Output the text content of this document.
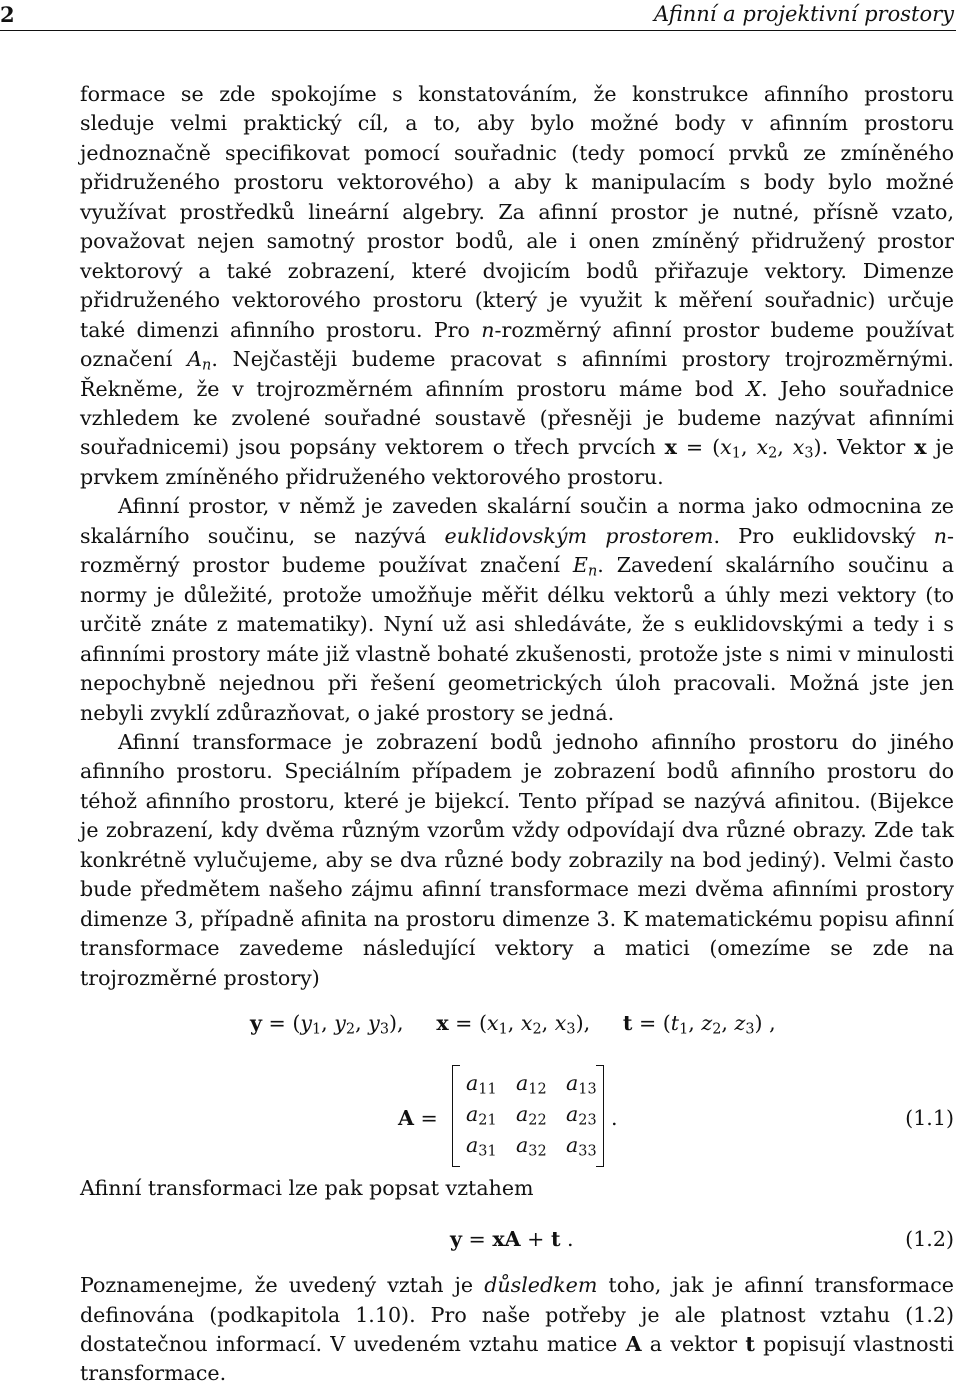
2	Afinní a projektivní prostory

formace se zde spokojíme s konstatováním, že konstrukce afinního prostoru sleduje velmi praktický cíl, a to, aby bylo možné body v afinním prostoru jednoznačně specifikovat pomocí souřadnic (tedy pomocí prvků ze zmíněného přidruženého prostoru vektorového) a aby k manipulacím s body bylo možné využívat prostředků lineární algebry. Za afinní prostor je nutné, přísně vzato, považovat nejen samotný prostor bodů, ale i onen zmíněný přidružený prostor vektorový a také zobrazení, které dvojicím bodů přiřazuje vektory. Dimenze přidruženého vektorového prostoru (který je využit k měření souřadnic) určuje také dimenzi afinního prostoru. Pro n-rozměrný afinní prostor budeme používat označení $A_n$. Nejčastěji budeme pracovat s afinními prostory trojrozměrnými. Řekněme, že v trojrozměrném afinním prostoru máme bod X. Jeho souřadnice vzhledem ke zvolené souřadné soustavě (přesněji je budeme nazývat afinními souřadnicemi) jsou popsány vektorem o třech prvcích $x = (x_1$, $x_2$, $x_3$). Vektor x je prvkem zmíněného přidruženého vektorového prostoru.

Afinní prostor, v němž je zaveden skalární součin a norma jako odmocnina ze skalárního součinu, se nazývá euklidovským prostorem. Pro euklidovský n-rozměrný prostor budeme používat značení $E_n$. Zavedení skalárního součinu a normy je důležité, protože umožňuje měřit délku vektorů a úhly mezi vektory (to určitě znáte z matematiky). Nyní už asi shledáváte, že s euklidovskými a tedy i s afinními prostory máte již vlastně bohaté zkušenosti, protože jste s nimi v minulosti nepochybně nejednou při řešení geometrických úloh pracovali. Možná jste jen nebyli zvyklí zdůrazňovat, o jaké prostory se jedná.

Afinní transformace je zobrazení bodů jednoho afinního prostoru do jiného afinního prostoru. Speciálním případem je zobrazení bodů afinního prostoru do téhož afinního prostoru, které je bijekcí. Tento případ se nazývá afinitou. (Bijekce je zobrazení, kdy dvěma různým vzorům vždy odpovídají dva různé obrazy. Zde tak konkrétně vylučujeme, aby se dva různé body zobrazily na bod jediný). Velmi často bude předmětem našeho zájmu afinní transformace mezi dvěma afinními prostory dimenze 3, případně afinita na prostoru dimenze 3. K matematickému popisu afinní transformace zavedeme následující vektory a matici (omezíme se zde na trojrozměrné prostory)

$y = (y_1$, $y_2$, $y_3$), $x = (x_1$, $x_2$, $x_3$), $t = (t_1$, $z_2$, $z_3$) ,
A =
$a_{11}$ $a_{12}$ $a_{13}$
$a_{21}$ $a_{22}$ $a_{23}$
$a_{31}$ $a_{32}$ $a_{33}$
.	(1.1)

Afinní transformaci lze pak popsat vztahem

y = xA + t .	(1.2)

Poznamenejme, že uvedený vztah je důsledkem toho, jak je afinní transformace definována (podkapitola 1.10). Pro naše potřeby je ale platnost vztahu (1.2) dostatečnou informací. V uvedeném vztahu matice A a vektor t popisují vlastnosti transformace.
